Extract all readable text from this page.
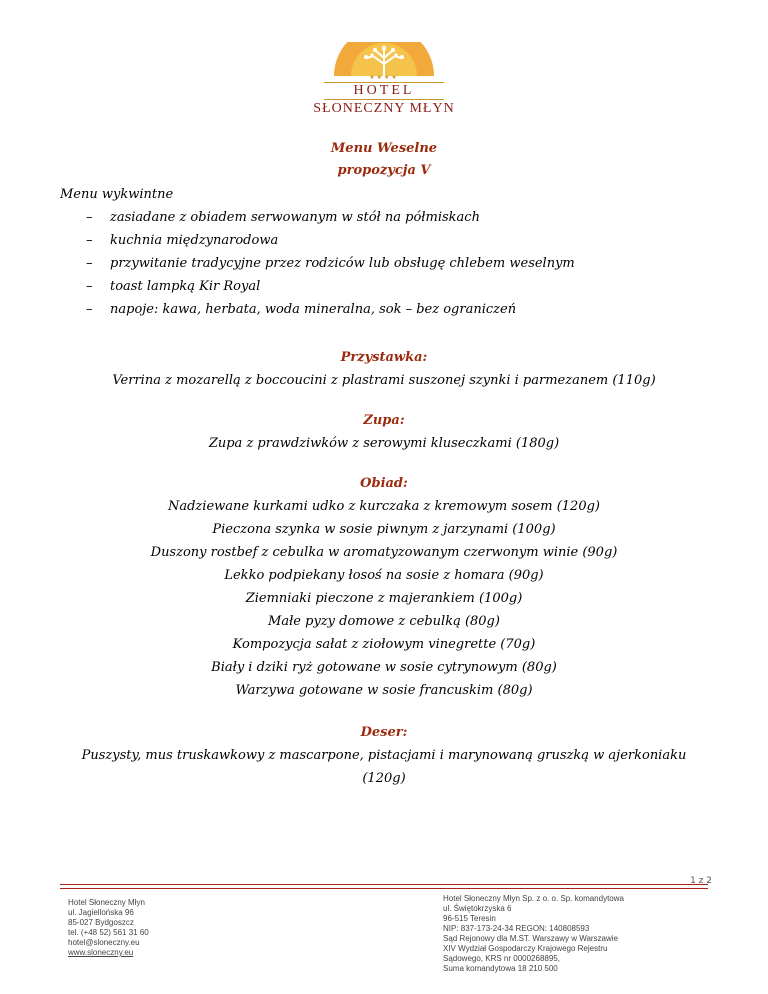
★★★★
HOTEL
SŁONECZNY MŁYN
Menu Weselne
propozycja V
Menu wykwintne
– zasiadane z obiadem serwowanym w stół na półmiskach
– kuchnia międzynarodowa
– przywitanie tradycyjne przez rodziców lub obsługę chlebem weselnym
– toast lampką Kir Royal
– napoje: kawa, herbata, woda mineralna, sok – bez ograniczeń
Przystawka:
Verrina z mozarellą z boccoucini z plastrami suszonej szynki i parmezanem (110g)
Zupa:
Zupa z prawdziwków z serowymi kluseczkami (180g)
Obiad:
Nadziewane kurkami udko z kurczaka z kremowym sosem (120g)
Pieczona szynka w sosie piwnym z jarzynami (100g)
Duszony rostbef z cebulka w aromatyzowanym czerwonym winie (90g)
Lekko podpiekany łosoś na sosie z homara (90g)
Ziemniaki pieczone z majerankiem (100g)
Małe pyzy domowe z cebulką (80g)
Kompozycja sałat z ziołowym vinegrette (70g)
Biały i dziki ryż gotowane w sosie cytrynowym (80g)
Warzywa gotowane w sosie francuskim (80g)
Deser:
Puszysty, mus truskawkowy z mascarpone, pistacjami i marynowaną gruszką w ajerkoniaku
(120g)
1 z 2
Hotel Słoneczny Młyn
ul. Jagiellońska 96
85-027 Bydgoszcz
tel. (+48 52) 561 31 60
hotel@sloneczny.eu
www.sloneczny.eu
Hotel Słoneczny Młyn Sp. z o. o. Sp. komandytowa
ul. Świętokrzyska 6
96-515 Teresin
NIP: 837-173-24-34 REGON: 140808593
Sąd Rejonowy dla M.ST. Warszawy w Warszawie
XIV Wydział Gospodarczy Krajowego Rejestru
Sądowego, KRS nr 0000268895,
Suma komandytowa 18 210 500
